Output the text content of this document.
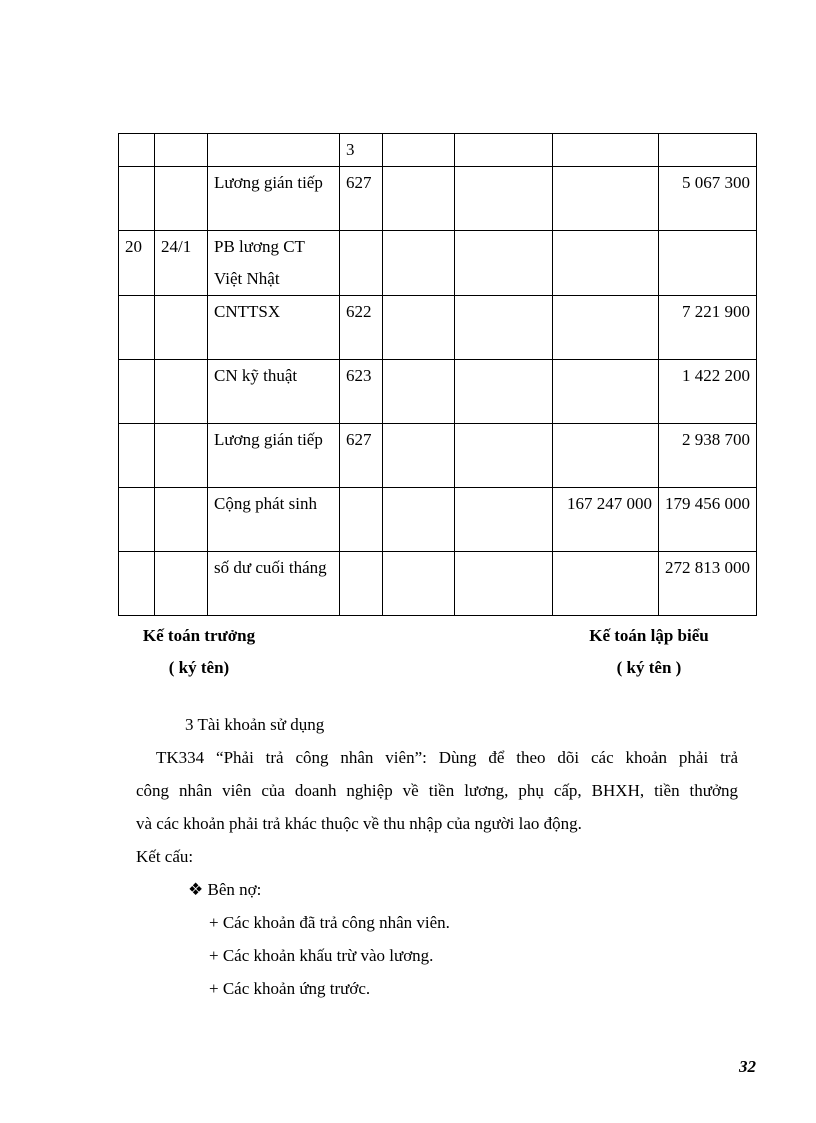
			3				
		Lương gián tiếp	627				5 067 300
20	24/1	PB lương CT Việt Nhật					
		CNTTSX	622				7 221 900
		CN kỹ thuật	623				1 422 200
		Lương gián tiếp	627				2 938 700
		Cộng phát sinh				167 247 000	179 456 000
		số dư cuối tháng					272 813 000
Kế toán trưởng
( ký tên)
Kế toán lập biểu
( ký tên )
3 Tài khoản sử dụng
TK334 “Phải trả công nhân viên”: Dùng để theo dõi các khoản phải trả
công nhân viên của doanh nghiệp về tiền lương, phụ cấp, BHXH, tiền thưởng
và các khoản phải trả khác thuộc về thu nhập của người lao động.
Kết cấu:
❖ Bên nợ:
+ Các khoản đã trả công nhân viên.
+ Các khoản khấu trừ vào lương.
+ Các khoản ứng trước.
32
